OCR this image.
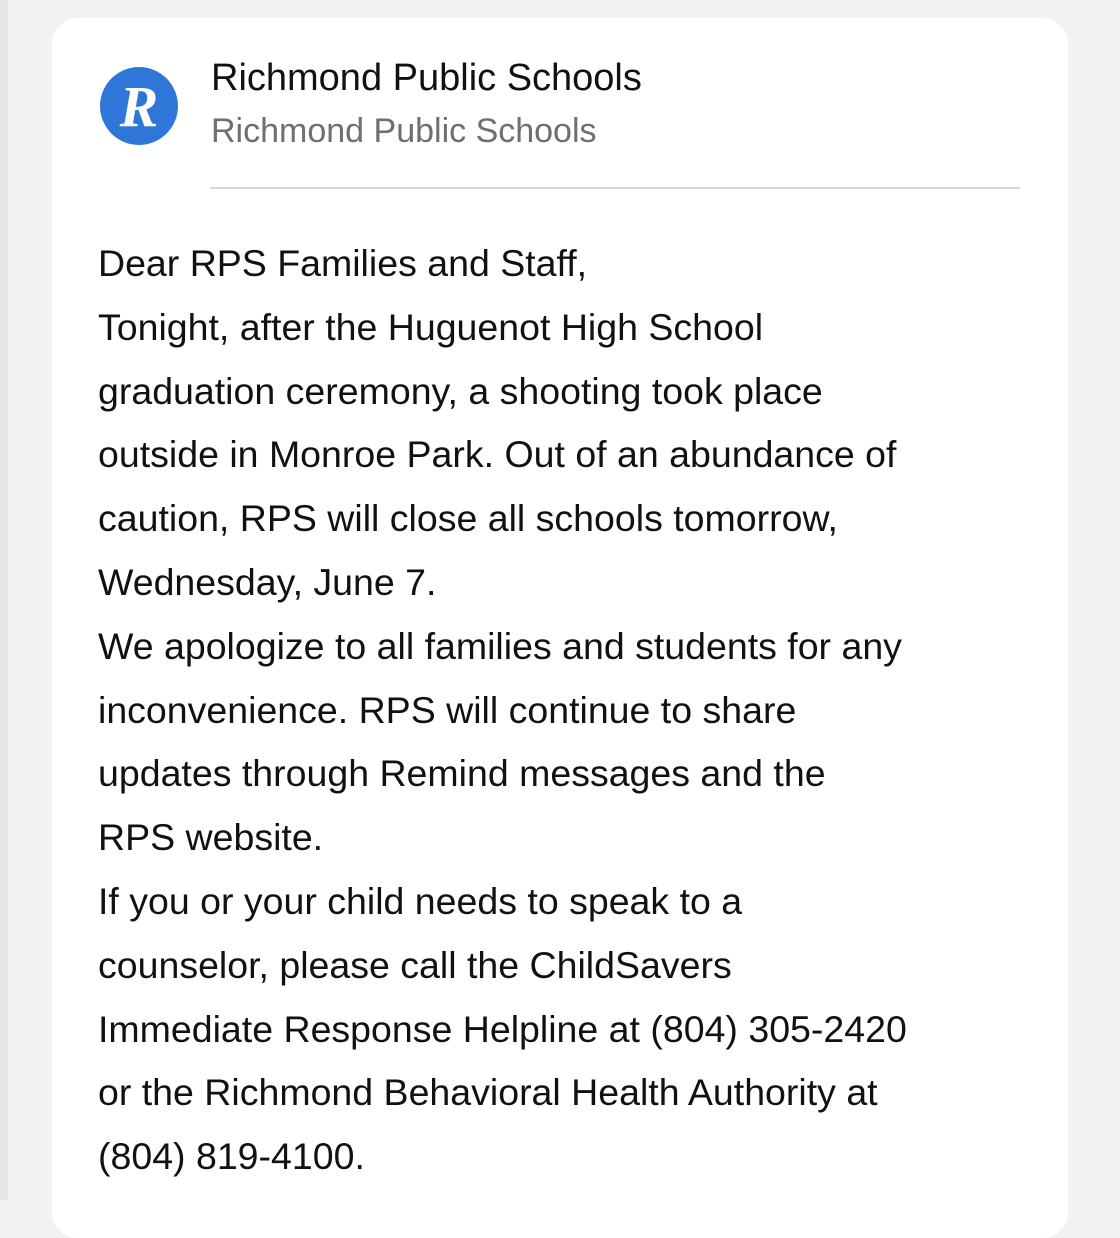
R Richmond Public Schools
Richmond Public Schools
Dear RPS Families and Staff,
Tonight, after the Huguenot High School
graduation ceremony, a shooting took place
outside in Monroe Park. Out of an abundance of
caution, RPS will close all schools tomorrow,
Wednesday, June 7.
We apologize to all families and students for any
inconvenience. RPS will continue to share
updates through Remind messages and the
RPS website.
If you or your child needs to speak to a
counselor, please call the ChildSavers
Immediate Response Helpline at (804) 305-2420
or the Richmond Behavioral Health Authority at
(804) 819-4100.
